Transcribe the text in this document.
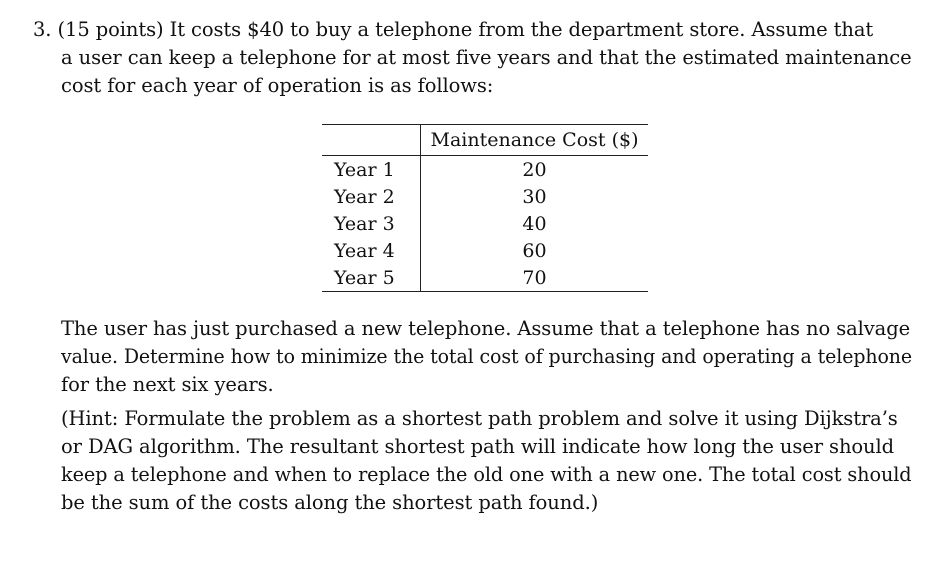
3. (15 points) It costs $40 to buy a telephone from the department store. Assume that
a user can keep a telephone for at most five years and that the estimated maintenance
cost for each year of operation is as follows:
	Maintenance Cost ($)
Year 1	20
Year 2	30
Year 3	40
Year 4	60
Year 5	70
The user has just purchased a new telephone. Assume that a telephone has no salvage
value. Determine how to minimize the total cost of purchasing and operating a telephone
for the next six years.
(Hint: Formulate the problem as a shortest path problem and solve it using Dijkstra’s
or DAG algorithm. The resultant shortest path will indicate how long the user should
keep a telephone and when to replace the old one with a new one. The total cost should
be the sum of the costs along the shortest path found.)
